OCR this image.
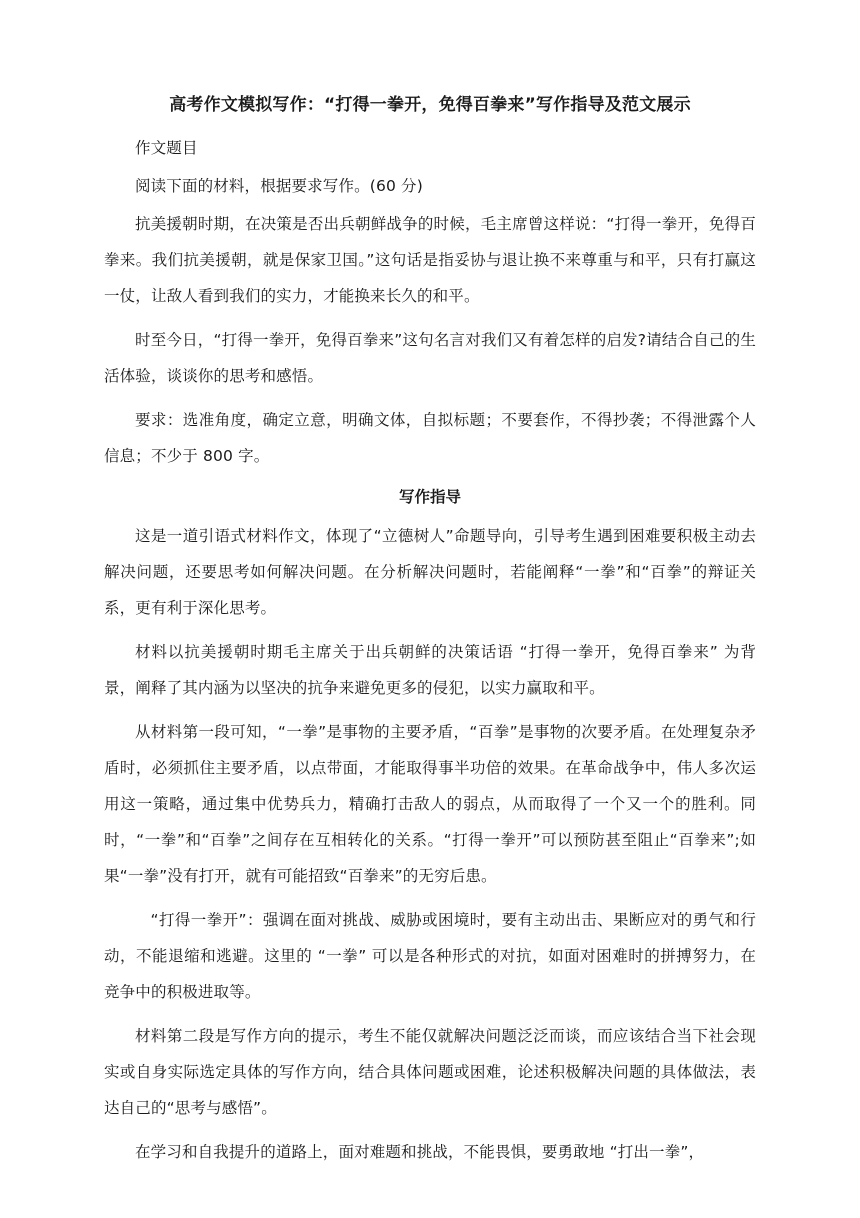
高考作文模拟写作：“打得一拳开，免得百拳来”写作指导及范文展示

作文题目

阅读下面的材料，根据要求写作。(60 分)

抗美援朝时期，在决策是否出兵朝鲜战争的时候，毛主席曾这样说：“打得一拳开，免得百拳来。我们抗美援朝，就是保家卫国。”这句话是指妥协与退让换不来尊重与和平，只有打赢这一仗，让敌人看到我们的实力，才能换来长久的和平。

时至今日，“打得一拳开，免得百拳来”这句名言对我们又有着怎样的启发?请结合自己的生活体验，谈谈你的思考和感悟。

要求：选准角度，确定立意，明确文体，自拟标题；不要套作，不得抄袭；不得泄露个人信息；不少于 800 字。

写作指导

这是一道引语式材料作文，体现了“立德树人”命题导向，引导考生遇到困难要积极主动去解决问题，还要思考如何解决问题。在分析解决问题时，若能阐释“一拳”和“百拳”的辩证关系，更有利于深化思考。

材料以抗美援朝时期毛主席关于出兵朝鲜的决策话语 “打得一拳开，免得百拳来” 为背景，阐释了其内涵为以坚决的抗争来避免更多的侵犯，以实力赢取和平。

从材料第一段可知，“一拳”是事物的主要矛盾，“百拳”是事物的次要矛盾。在处理复杂矛盾时，必须抓住主要矛盾，以点带面，才能取得事半功倍的效果。在革命战争中，伟人多次运用这一策略，通过集中优势兵力，精确打击敌人的弱点，从而取得了一个又一个的胜利。同时，“一拳”和“百拳”之间存在互相转化的关系。“打得一拳开”可以预防甚至阻止“百拳来”;如果“一拳”没有打开，就有可能招致“百拳来”的无穷后患。

“打得一拳开”：强调在面对挑战、威胁或困境时，要有主动出击、果断应对的勇气和行动，不能退缩和逃避。这里的 “一拳” 可以是各种形式的对抗，如面对困难时的拼搏努力，在竞争中的积极进取等。

材料第二段是写作方向的提示，考生不能仅就解决问题泛泛而谈，而应该结合当下社会现实或自身实际选定具体的写作方向，结合具体问题或困难，论述积极解决问题的具体做法，表达自己的“思考与感悟”。

在学习和自我提升的道路上，面对难题和挑战，不能畏惧，要勇敢地 “打出一拳”，
